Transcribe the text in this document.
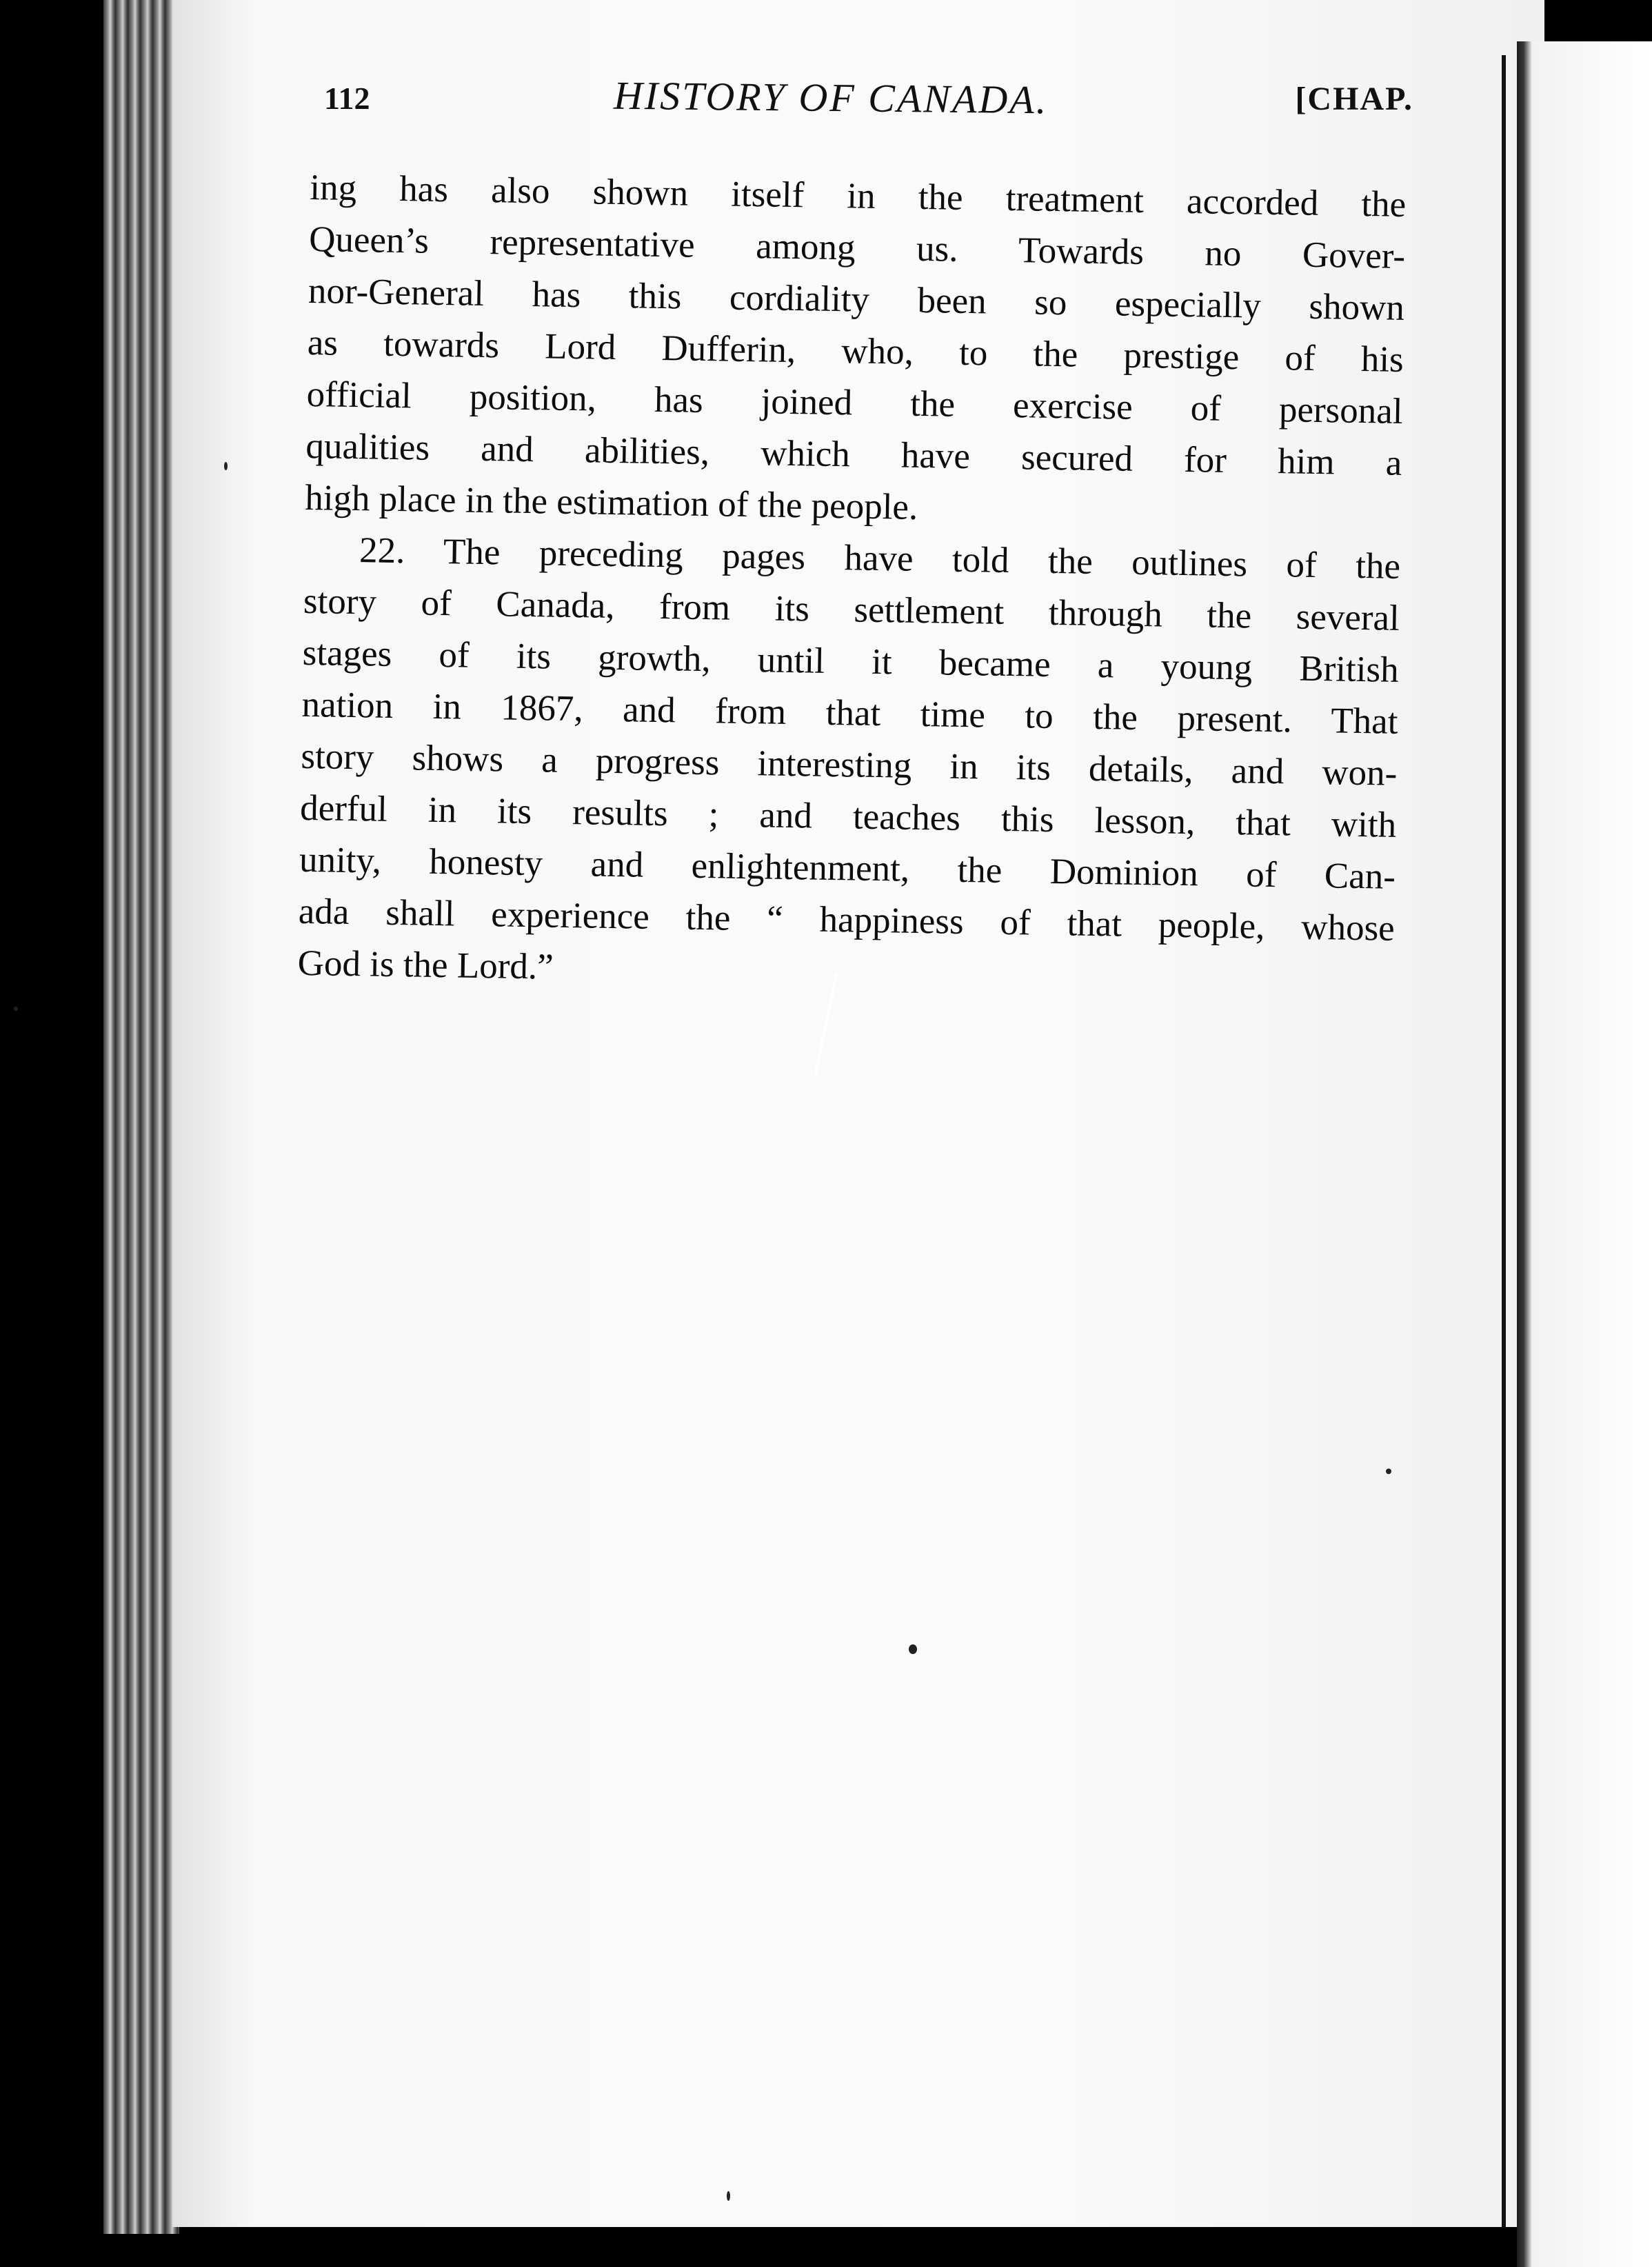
112	HISTORY OF CANADA.	[CHAP.

ing has also shown itself in the treatment accorded the
Queen’s representative among us. Towards no Gover-
nor-General has this cordiality been so especially shown
as towards Lord Dufferin, who, to the prestige of his
official position, has joined the exercise of personal
qualities and abilities, which have secured for him a
high place in the estimation of the people.

22. The preceding pages have told the outlines of the
story of Canada, from its settlement through the several
stages of its growth, until it became a young British
nation in 1867, and from that time to the present. That
story shows a progress interesting in its details, and won-
derful in its results ; and teaches this lesson, that with
unity, honesty and enlightenment, the Dominion of Can-
ada shall experience the “ happiness of that people, whose
God is the Lord.”
